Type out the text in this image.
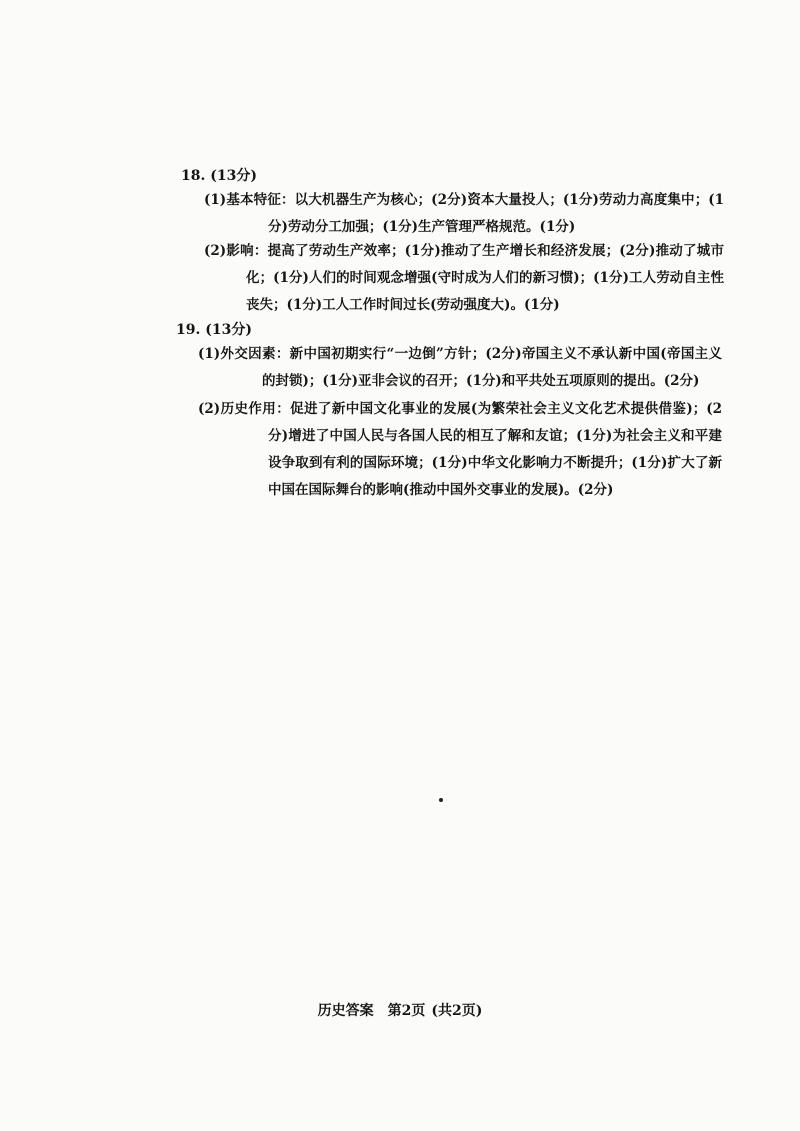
18. (13分)

(1)基本特征：以大机器生产为核心；(2分)资本大量投人；(1分)劳动力高度集中；(1分)劳动分工加强；(1分)生产管理严格规范。(1分)

(2)影响：提高了劳动生产效率；(1分)推动了生产增长和经济发展；(2分)推动了城市化；(1分)人们的时间观念增强(守时成为人们的新习惯)；(1分)工人劳动自主性丧失；(1分)工人工作时间过长(劳动强度大)。(1分)

19. (13分)

(1)外交因素：新中国初期实行“一边倒”方针；(2分)帝国主义不承认新中国(帝国主义的封锁)；(1分)亚非会议的召开；(1分)和平共处五项原则的提出。(2分)

(2)历史作用：促进了新中国文化事业的发展(为繁荣社会主义文化艺术提供借鉴)；(2分)增进了中国人民与各国人民的相互了解和友谊；(1分)为社会主义和平建设争取到有利的国际环境；(1分)中华文化影响力不断提升；(1分)扩大了新中国在国际舞台的影响(推动中国外交事业的发展)。(2分)

历史答案 第2页 (共2页)
